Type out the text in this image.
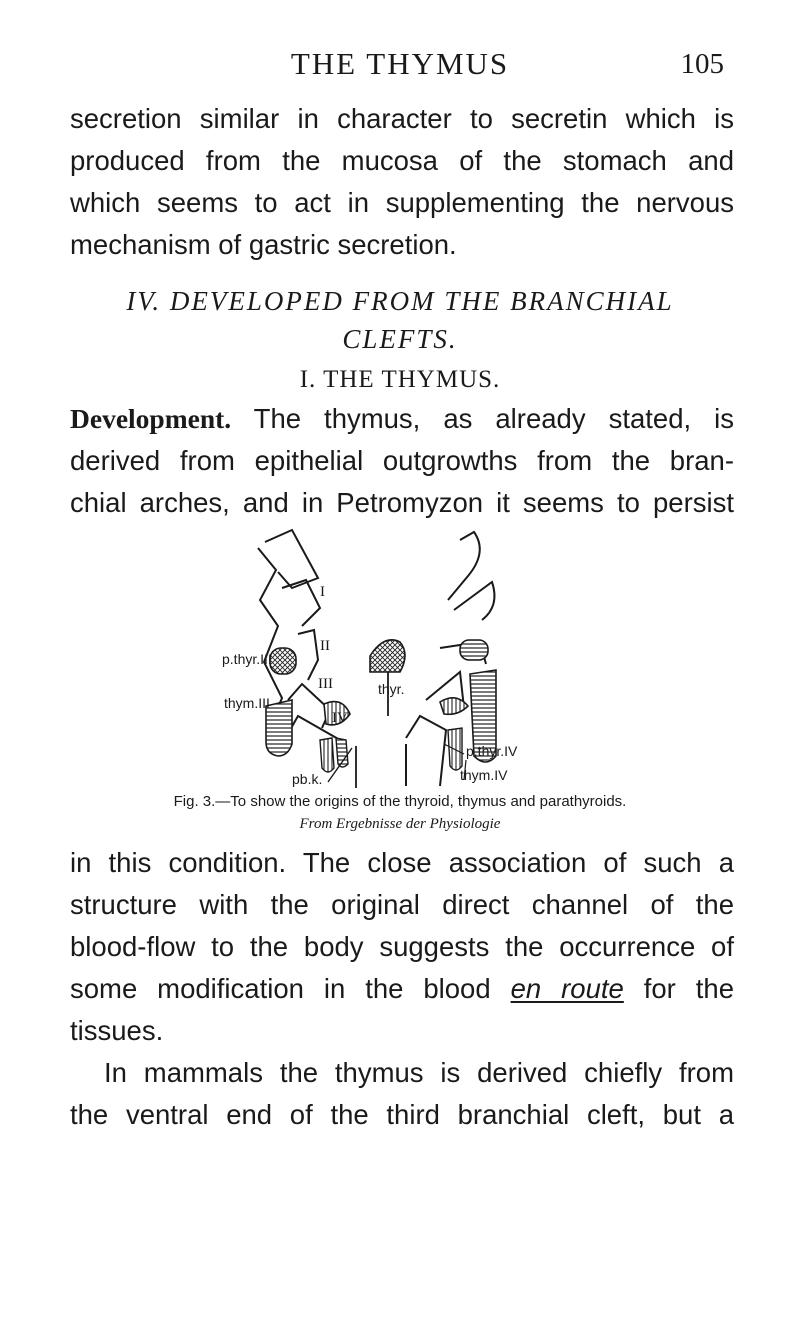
THE THYMUS	105

secretion similar in character to secretin which is
produced from the mucosa of the stomach and
which seems to act in supplementing the nervous
mechanism of gastric secretion.

IV. DEVELOPED FROM THE BRANCHIAL
CLEFTS.

I. THE THYMUS.

Development. The thymus, as already stated, is
derived from epithelial outgrowths from the bran-
chial arches, and in Petromyzon it seems to persist

I
II
III
IV
p.thyr.III
thym.III
thyr.
pb.k.
p.thyr.IV
thym.IV

Fig. 3.—To show the origins of the thyroid, thymus and parathyroids.

From Ergebnisse der Physiologie

in this condition. The close association of such a
structure with the original direct channel of the
blood-flow to the body suggests the occurrence of
some modification in the blood en route for the
tissues.

In mammals the thymus is derived chiefly from
the ventral end of the third branchial cleft, but a
